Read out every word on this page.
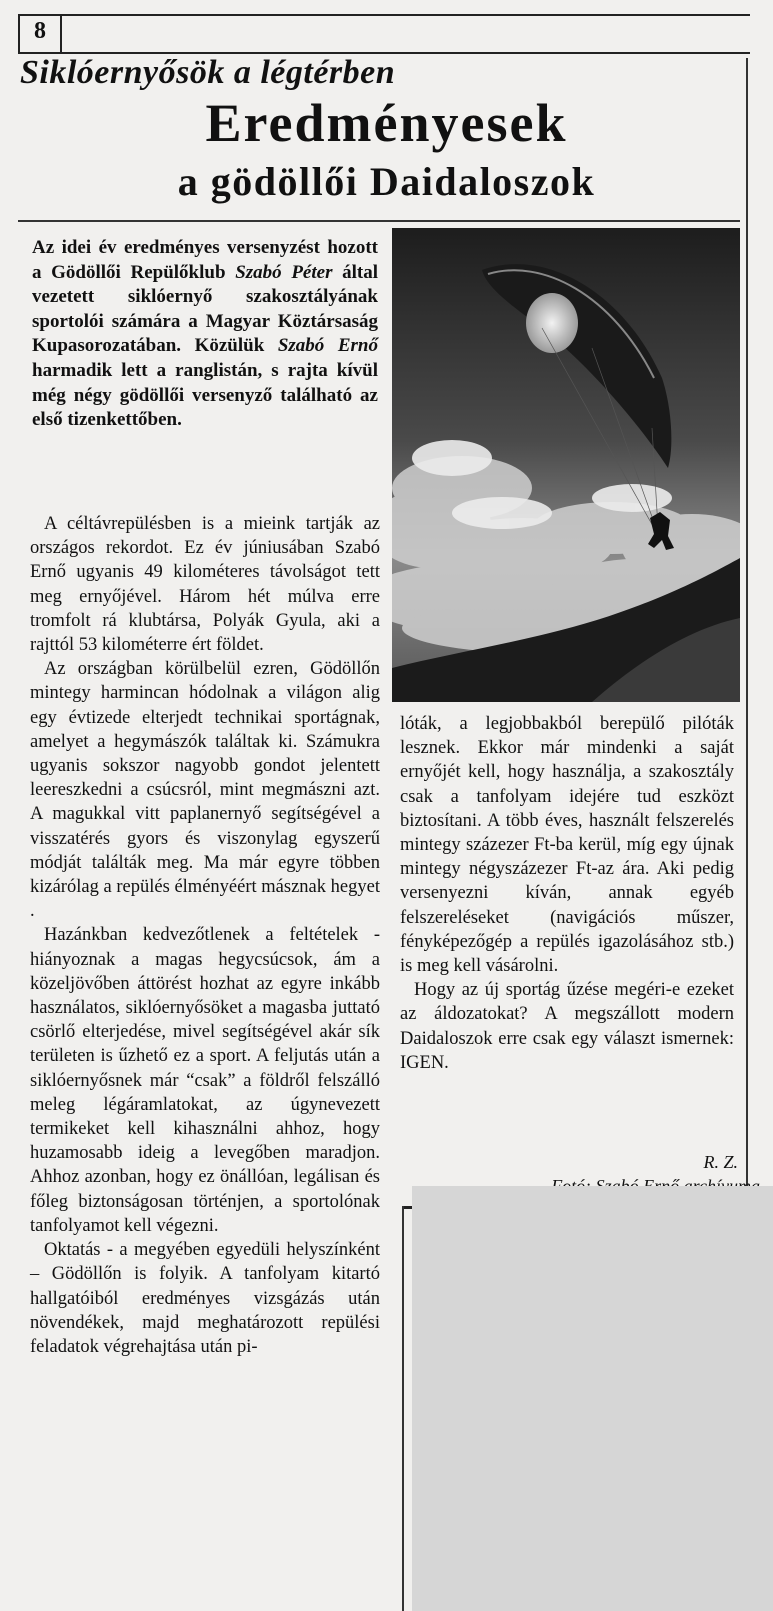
8
Siklóernyősök a légtérben
Eredményesek
a gödöllői Daidaloszok

Az idei év eredményes versenyzést hozott a Gödöllői Repülőklub Szabó Péter által vezetett siklóernyő szakosztályának sportolói számára a Magyar Köztársaság Kupasorozatában. Közülük Szabó Ernő harmadik lett a ranglistán, s rajta kívül még négy gödöllői versenyző található az első tizenkettőben.

A céltávrepülésben is a mieink tartják az országos rekordot. Ez év júniusában Szabó Ernő ugyanis 49 kilométeres távolságot tett meg ernyőjével. Három hét múlva erre tromfolt rá klubtársa, Polyák Gyula, aki a rajttól 53 kilométerre ért földet.

Az országban körülbelül ezren, Gödöllőn mintegy harmincan hódolnak a világon alig egy évtizede elterjedt technikai sportágnak, amelyet a hegymászók találtak ki. Számukra ugyanis sokszor nagyobb gondot jelentett leereszkedni a csúcsról, mint megmászni azt. A magukkal vitt paplanernyő segítségével a visszatérés gyors és viszonylag egyszerű módját találták meg. Ma már egyre többen kizárólag a repülés élményéért másznak hegyet .

Hazánkban kedvezőtlenek a feltételek - hiányoznak a magas hegycsúcsok, ám a közeljövőben áttörést hozhat az egyre inkább használatos, siklóernyősöket a magasba juttató csörlő elterjedése, mivel segítségével akár sík területen is űzhető ez a sport. A feljutás után a siklóernyősnek már “csak” a földről felszálló meleg légáramlatokat, az úgynevezett termikeket kell kihasználni ahhoz, hogy huzamosabb ideig a levegőben maradjon. Ahhoz azonban, hogy ez önállóan, legálisan és főleg biztonságosan történjen, a sportolónak tanfolyamot kell végezni.

Oktatás - a megyében egyedüli helyszínként – Gödöllőn is folyik. A tanfolyam kitartó hallgatóiból eredményes vizsgázás után növendékek, majd meghatározott repülési feladatok végrehajtása után pi-

lóták, a legjobbakból berepülő pilóták lesznek. Ekkor már mindenki a saját ernyőjét kell, hogy használja, a szakosztály csak a tanfolyam idejére tud eszközt biztosítani. A több éves, használt felszerelés mintegy százezer Ft-ba kerül, míg egy újnak mintegy négyszázezer Ft-az ára. Aki pedig versenyezni kíván, annak egyéb felszereléseket (navigációs műszer, fényképezőgép a repülés igazolásához stb.) is meg kell vásárolni.

Hogy az új sportág űzése megéri-e ezeket az áldozatokat? A megszállott modern Daidaloszok erre csak egy választ ismernek: IGEN.

R. Z.
